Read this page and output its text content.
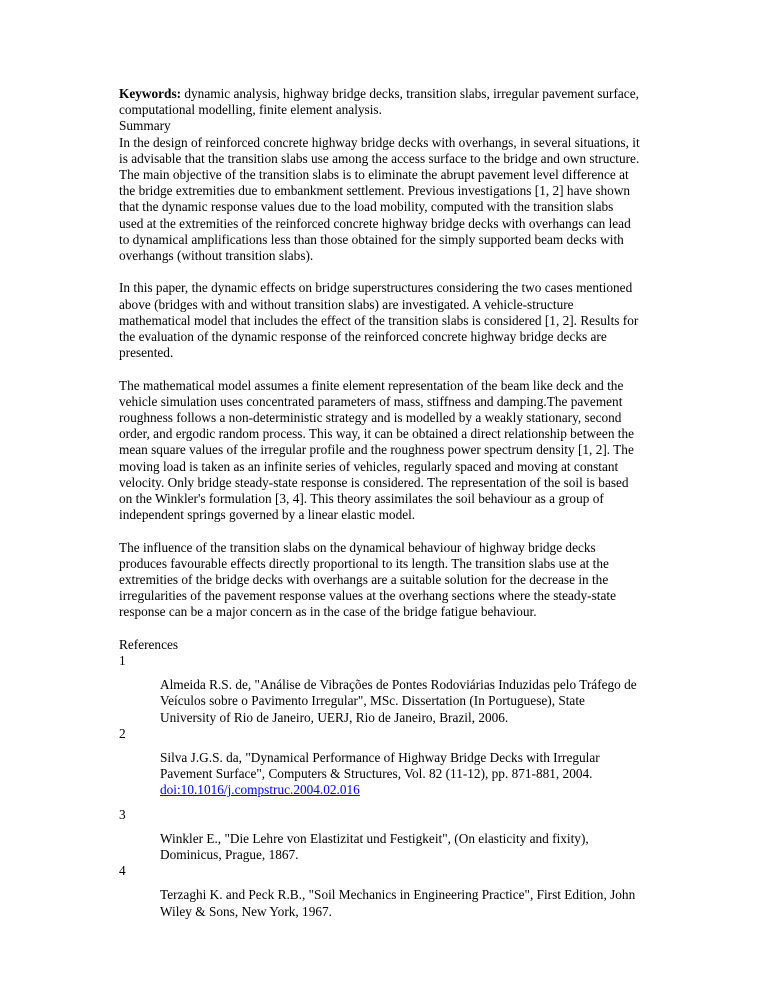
Keywords: dynamic analysis, highway bridge decks, transition slabs, irregular pavement surface, computational modelling, finite element analysis.

Summary

In the design of reinforced concrete highway bridge decks with overhangs, in several situations, it is advisable that the transition slabs use among the access surface to the bridge and own structure. The main objective of the transition slabs is to eliminate the abrupt pavement level difference at the bridge extremities due to embankment settlement. Previous investigations [1, 2] have shown that the dynamic response values due to the load mobility, computed with the transition slabs used at the extremities of the reinforced concrete highway bridge decks with overhangs can lead to dynamical amplifications less than those obtained for the simply supported beam decks with overhangs (without transition slabs).

In this paper, the dynamic effects on bridge superstructures considering the two cases mentioned above (bridges with and without transition slabs) are investigated. A vehicle-structure mathematical model that includes the effect of the transition slabs is considered [1, 2]. Results for the evaluation of the dynamic response of the reinforced concrete highway bridge decks are presented.

The mathematical model assumes a finite element representation of the beam like deck and the vehicle simulation uses concentrated parameters of mass, stiffness and damping.The pavement roughness follows a non-deterministic strategy and is modelled by a weakly stationary, second order, and ergodic random process. This way, it can be obtained a direct relationship between the mean square values of the irregular profile and the roughness power spectrum density [1, 2]. The moving load is taken as an infinite series of vehicles, regularly spaced and moving at constant velocity. Only bridge steady-state response is considered. The representation of the soil is based on the Winkler's formulation [3, 4]. This theory assimilates the soil behaviour as a group of independent springs governed by a linear elastic model.

The influence of the transition slabs on the dynamical behaviour of highway bridge decks produces favourable effects directly proportional to its length. The transition slabs use at the extremities of the bridge decks with overhangs are a suitable solution for the decrease in the irregularities of the pavement response values at the overhang sections where the steady-state response can be a major concern as in the case of the bridge fatigue behaviour.

References

1

Almeida R.S. de, "Análise de Vibrações de Pontes Rodoviárias Induzidas pelo Tráfego de Veículos sobre o Pavimento Irregular", MSc. Dissertation (In Portuguese), State University of Rio de Janeiro, UERJ, Rio de Janeiro, Brazil, 2006.

2

Silva J.G.S. da, "Dynamical Performance of Highway Bridge Decks with Irregular Pavement Surface", Computers & Structures, Vol. 82 (11-12), pp. 871-881, 2004.
doi:10.1016/j.compstruc.2004.02.016

3

Winkler E., "Die Lehre von Elastizitat und Festigkeit", (On elasticity and fixity), Dominicus, Prague, 1867.

4

Terzaghi K. and Peck R.B., "Soil Mechanics in Engineering Practice", First Edition, John Wiley & Sons, New York, 1967.
